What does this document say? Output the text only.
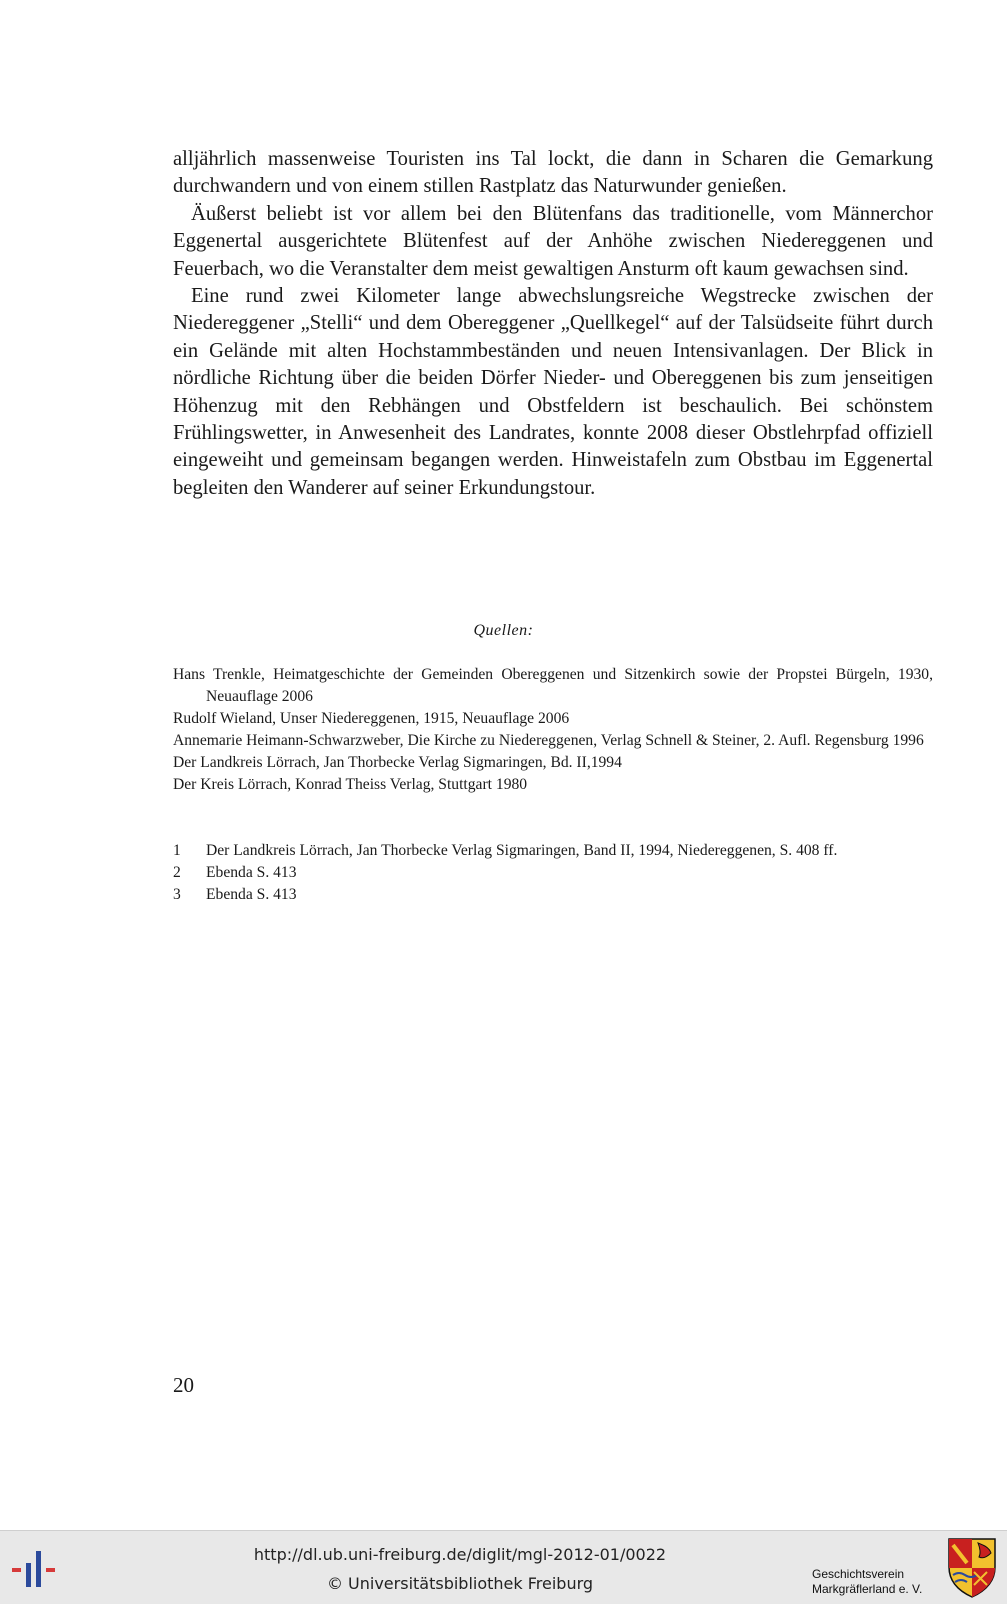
alljährlich massenweise Touristen ins Tal lockt, die dann in Scharen die Gemarkung durchwandern und von einem stillen Rastplatz das Naturwunder genießen.

Äußerst beliebt ist vor allem bei den Blütenfans das traditionelle, vom Männerchor Eggenertal ausgerichtete Blütenfest auf der Anhöhe zwischen Niedereggenen und Feuerbach, wo die Veranstalter dem meist gewaltigen Ansturm oft kaum gewachsen sind.

Eine rund zwei Kilometer lange abwechslungsreiche Wegstrecke zwischen der Niedereggener „Stelli“ und dem Obereggener „Quellkegel“ auf der Talsüdseite führt durch ein Gelände mit alten Hochstammbeständen und neuen Intensivanlagen. Der Blick in nördliche Richtung über die beiden Dörfer Nieder- und Obereggenen bis zum jenseitigen Höhenzug mit den Rebhängen und Obstfeldern ist beschaulich. Bei schönstem Frühlingswetter, in Anwesenheit des Landrates, konnte 2008 dieser Obstlehrpfad offiziell eingeweiht und gemeinsam begangen werden. Hinweistafeln zum Obstbau im Eggenertal begleiten den Wanderer auf seiner Erkundungstour.

Quellen:
Hans Trenkle, Heimatgeschichte der Gemeinden Obereggenen und Sitzenkirch sowie der Propstei Bürgeln, 1930, Neuauflage 2006
Rudolf Wieland, Unser Niedereggenen, 1915, Neuauflage 2006
Annemarie Heimann-Schwarzweber, Die Kirche zu Niedereggenen, Verlag Schnell & Steiner, 2. Aufl. Regensburg 1996
Der Landkreis Lörrach, Jan Thorbecke Verlag Sigmaringen, Bd. II,1994
Der Kreis Lörrach, Konrad Theiss Verlag, Stuttgart 1980
1	Der Landkreis Lörrach, Jan Thorbecke Verlag Sigmaringen, Band II, 1994, Niedereggenen, S. 408 ff.
2	Ebenda S. 413
3	Ebenda S. 413
20
http://dl.ub.uni-freiburg.de/diglit/mgl-2012-01/0022
© Universitätsbibliothek Freiburg	Geschichtsverein
Markgräflerland e. V.
